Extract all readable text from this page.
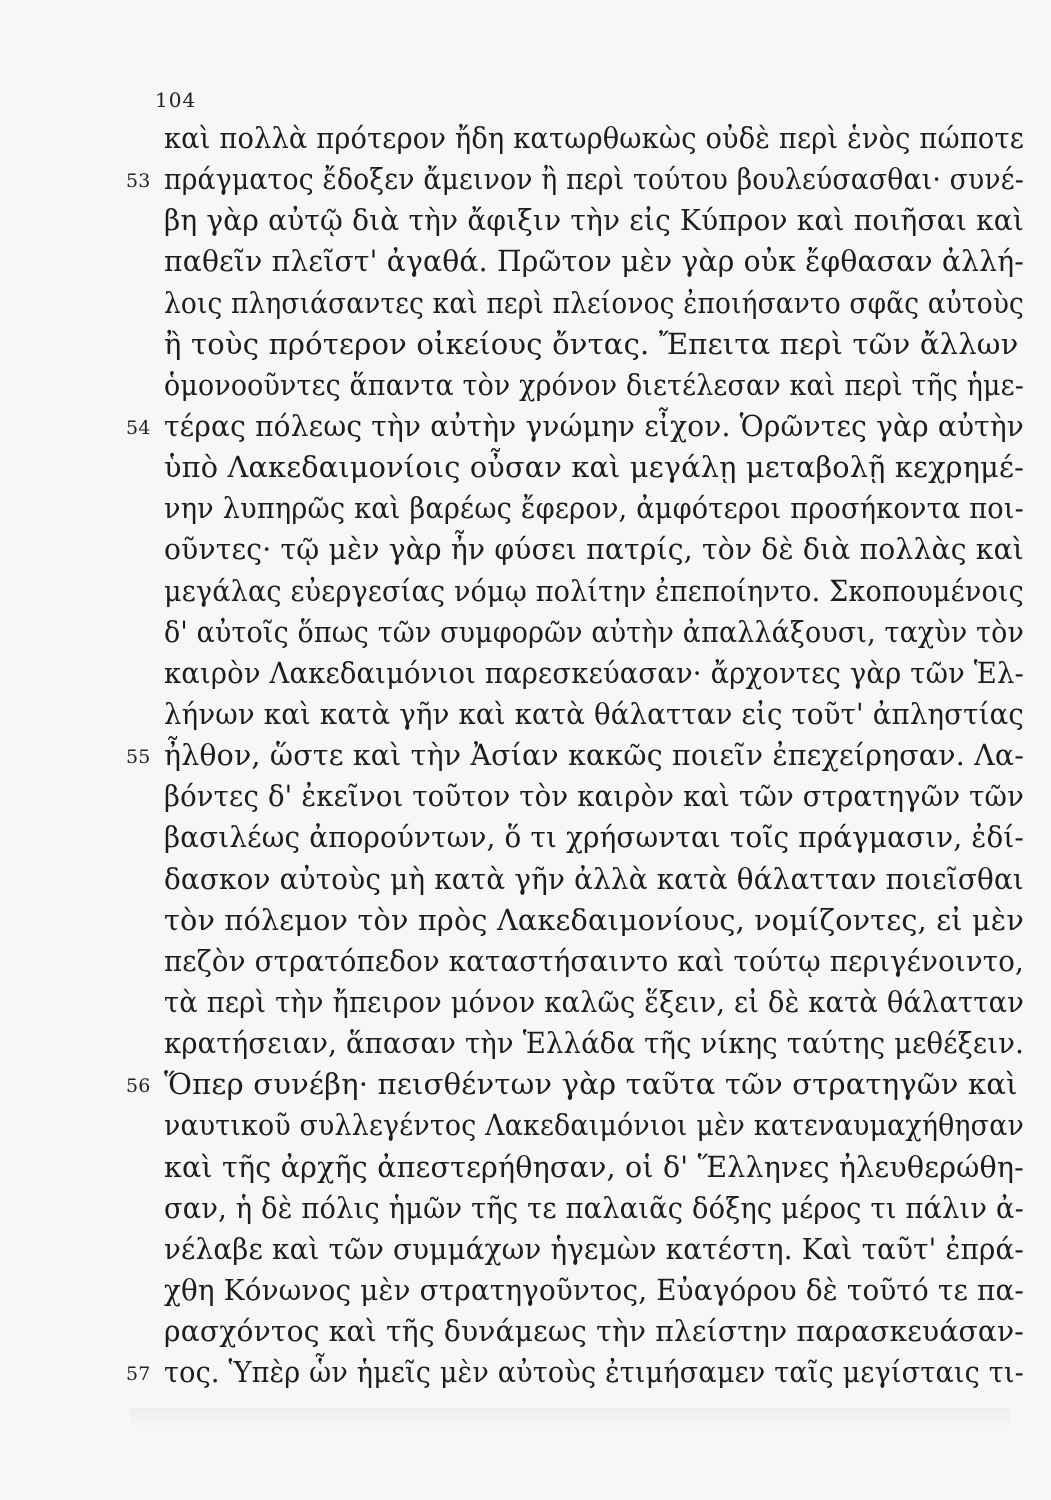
104
καὶ πολλὰ πρότερον ἤδη κατωρθωκὼς οὐδὲ περὶ ἑνὸς πώποτε
53 πράγματος ἔδοξεν ἄμεινον ἢ περὶ τούτου βουλεύσασθαι· συνέ-
βη γὰρ αὐτῷ διὰ τὴν ἄφιξιν τὴν εἰς Κύπρον καὶ ποιῆσαι καὶ
παθεῖν πλεῖστ' ἀγαθά. Πρῶτον μὲν γὰρ οὐκ ἔφθασαν ἀλλή-
λοις πλησιάσαντες καὶ περὶ πλείονος ἐποιήσαντο σφᾶς αὐτοὺς
ἢ τοὺς πρότερον οἰκείους ὄντας. Ἔπειτα περὶ τῶν ἄλλων
ὁμονοοῦντες ἅπαντα τὸν χρόνον διετέλεσαν καὶ περὶ τῆς ἡμε-
54 τέρας πόλεως τὴν αὐτὴν γνώμην εἶχον. Ὁρῶντες γὰρ αὐτὴν
ὑπὸ Λακεδαιμονίοις οὖσαν καὶ μεγάλῃ μεταβολῇ κεχρημέ-
νην λυπηρῶς καὶ βαρέως ἔφερον, ἀμφότεροι προσήκοντα ποι-
οῦντες· τῷ μὲν γὰρ ἦν φύσει πατρίς, τὸν δὲ διὰ πολλὰς καὶ
μεγάλας εὐεργεσίας νόμῳ πολίτην ἐπεποίηντο. Σκοπουμένοις
δ' αὐτοῖς ὅπως τῶν συμφορῶν αὐτὴν ἀπαλλάξουσι, ταχὺν τὸν
καιρὸν Λακεδαιμόνιοι παρεσκεύασαν· ἄρχοντες γὰρ τῶν Ἑλ-
λήνων καὶ κατὰ γῆν καὶ κατὰ θάλατταν εἰς τοῦτ' ἀπληστίας
55 ἦλθον, ὥστε καὶ τὴν Ἀσίαν κακῶς ποιεῖν ἐπεχείρησαν. Λα-
βόντες δ' ἐκεῖνοι τοῦτον τὸν καιρὸν καὶ τῶν στρατηγῶν τῶν
βασιλέως ἀπορούντων, ὅ τι χρήσωνται τοῖς πράγμασιν, ἐδί-
δασκον αὐτοὺς μὴ κατὰ γῆν ἀλλὰ κατὰ θάλατταν ποιεῖσθαι
τὸν πόλεμον τὸν πρὸς Λακεδαιμονίους, νομίζοντες, εἰ μὲν
πεζὸν στρατόπεδον καταστήσαιντο καὶ τούτῳ περιγένοιντο,
τὰ περὶ τὴν ἤπειρον μόνον καλῶς ἕξειν, εἰ δὲ κατὰ θάλατταν
κρατήσειαν, ἅπασαν τὴν Ἑλλάδα τῆς νίκης ταύτης μεθέξειν.
56 Ὅπερ συνέβη· πεισθέντων γὰρ ταῦτα τῶν στρατηγῶν καὶ
ναυτικοῦ συλλεγέντος Λακεδαιμόνιοι μὲν κατεναυμαχήθησαν
καὶ τῆς ἀρχῆς ἀπεστερήθησαν, οἱ δ' Ἕλληνες ἠλευθερώθη-
σαν, ἡ δὲ πόλις ἡμῶν τῆς τε παλαιᾶς δόξης μέρος τι πάλιν ἀ-
νέλαβε καὶ τῶν συμμάχων ἡγεμὼν κατέστη. Καὶ ταῦτ' ἐπρά-
χθη Κόνωνος μὲν στρατηγοῦντος, Εὐαγόρου δὲ τοῦτό τε πα-
ρασχόντος καὶ τῆς δυνάμεως τὴν πλείστην παρασκευάσαν-
57 τος. Ὑπὲρ ὧν ἡμεῖς μὲν αὐτοὺς ἐτιμήσαμεν ταῖς μεγίσταις τι-
